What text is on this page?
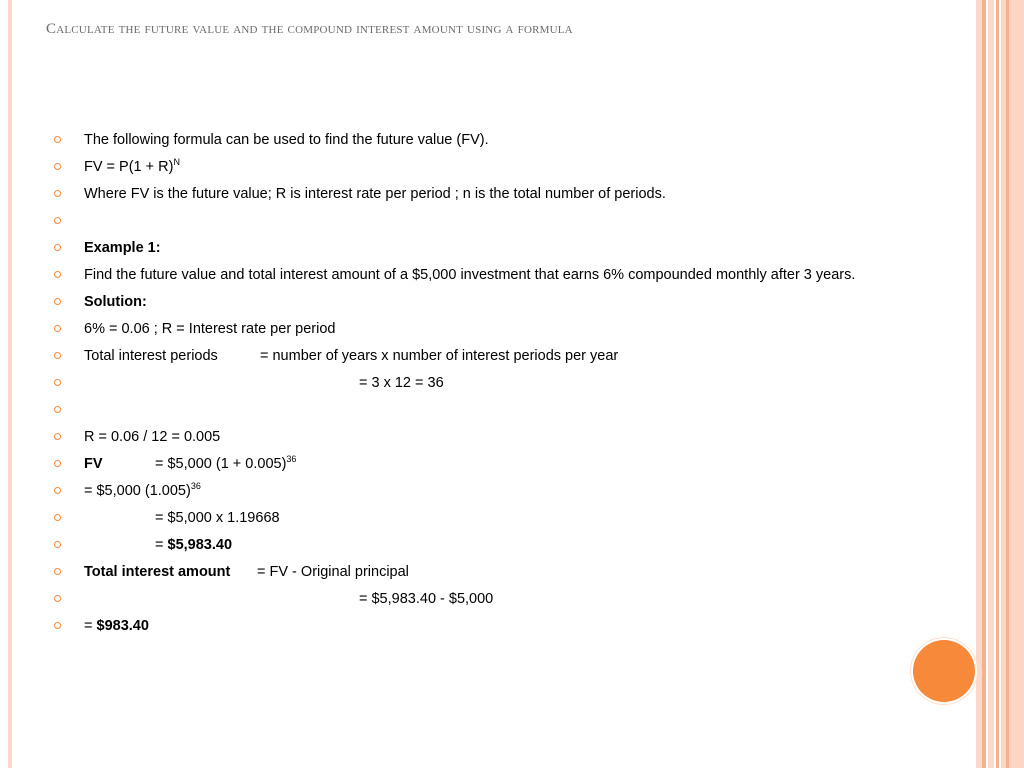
Calculate the future value and the compound interest amount using a formula
The following formula can be used to find the future value (FV).
FV = $P(1 + R)^N$
Where FV is the future value; R is interest rate per period ; n is the total number of periods.
Example 1:
Find the future value and total interest amount of a $5,000 investment that earns 6% compounded monthly after 3 years.
Solution:
6% = 0.06 ; R = Interest rate per period
Total interest periods	= number of years x number of interest periods per year
= 3 x 12 = 36
R = 0.06 / 12 = 0.005
FV	= $5,000 $(1 + 0.005)^{36}$
= $5,000 $(1.005)^{36}$
= $5,000 x 1.19668
= $5,983.40
Total interest amount = FV - Original principal
= $5,983.40 - $5,000
= $983.40
